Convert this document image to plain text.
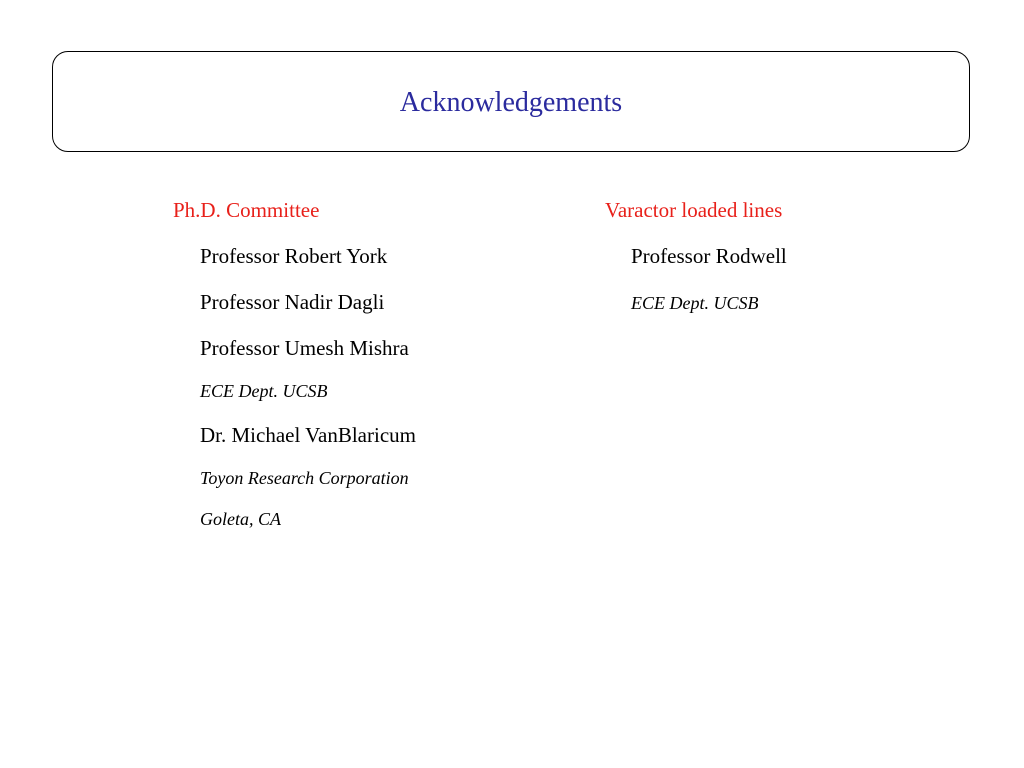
Acknowledgements
Ph.D. Committee
Professor Robert York
Professor Nadir Dagli
Professor Umesh Mishra
ECE Dept. UCSB
Dr. Michael VanBlaricum
Toyon Research Corporation
Goleta, CA
Varactor loaded lines
Professor Rodwell
ECE Dept. UCSB
